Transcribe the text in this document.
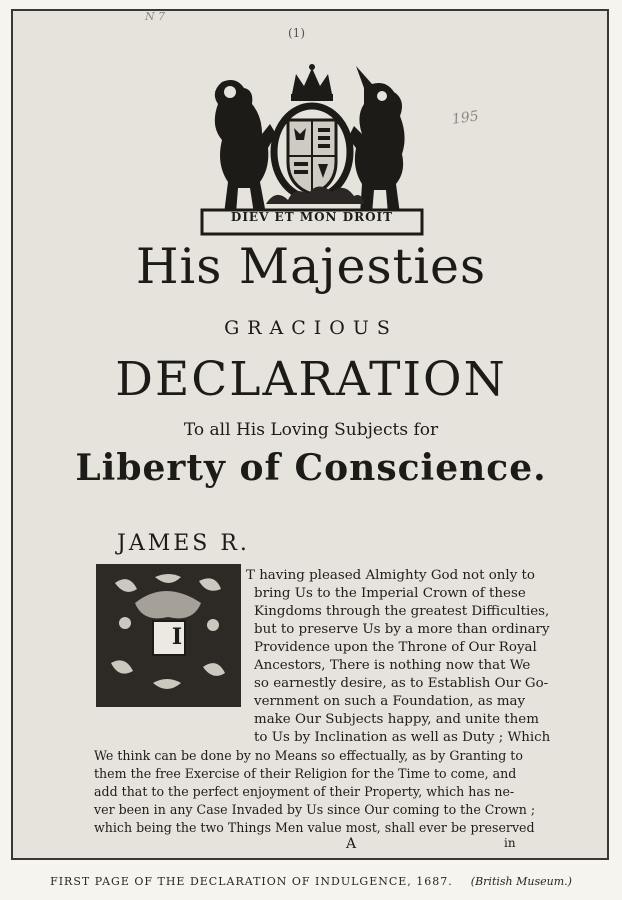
(1)
N 7
195
DIEV ET MON DROIT
His Majesties
GRACIOUS
DECLARATION
To all His Loving Subjects for
Liberty of Conscience.
JAMES R.
I
T having pleased Almighty God not only to
bring Us to the Imperial Crown of these
Kingdoms through the greatest Difficulties,
but to preserve Us by a more than ordinary
Providence upon the Throne of Our Royal
Ancestors, There is nothing now that We
so earnestly desire, as to Establish Our Go-
vernment on such a Foundation, as may
make Our Subjects happy, and unite them
to Us by Inclination as well as Duty ; Which
We think can be done by no Means so effectually, as by Granting to
them the free Exercise of their Religion for the Time to come, and
add that to the perfect enjoyment of their Property, which has ne-
ver been in any Case Invaded by Us since Our coming to the Crown ;
which being the two Things Men value most, shall ever be preserved
A	in
FIRST PAGE OF THE DECLARATION OF INDULGENCE, 1687. (British Museum.)
